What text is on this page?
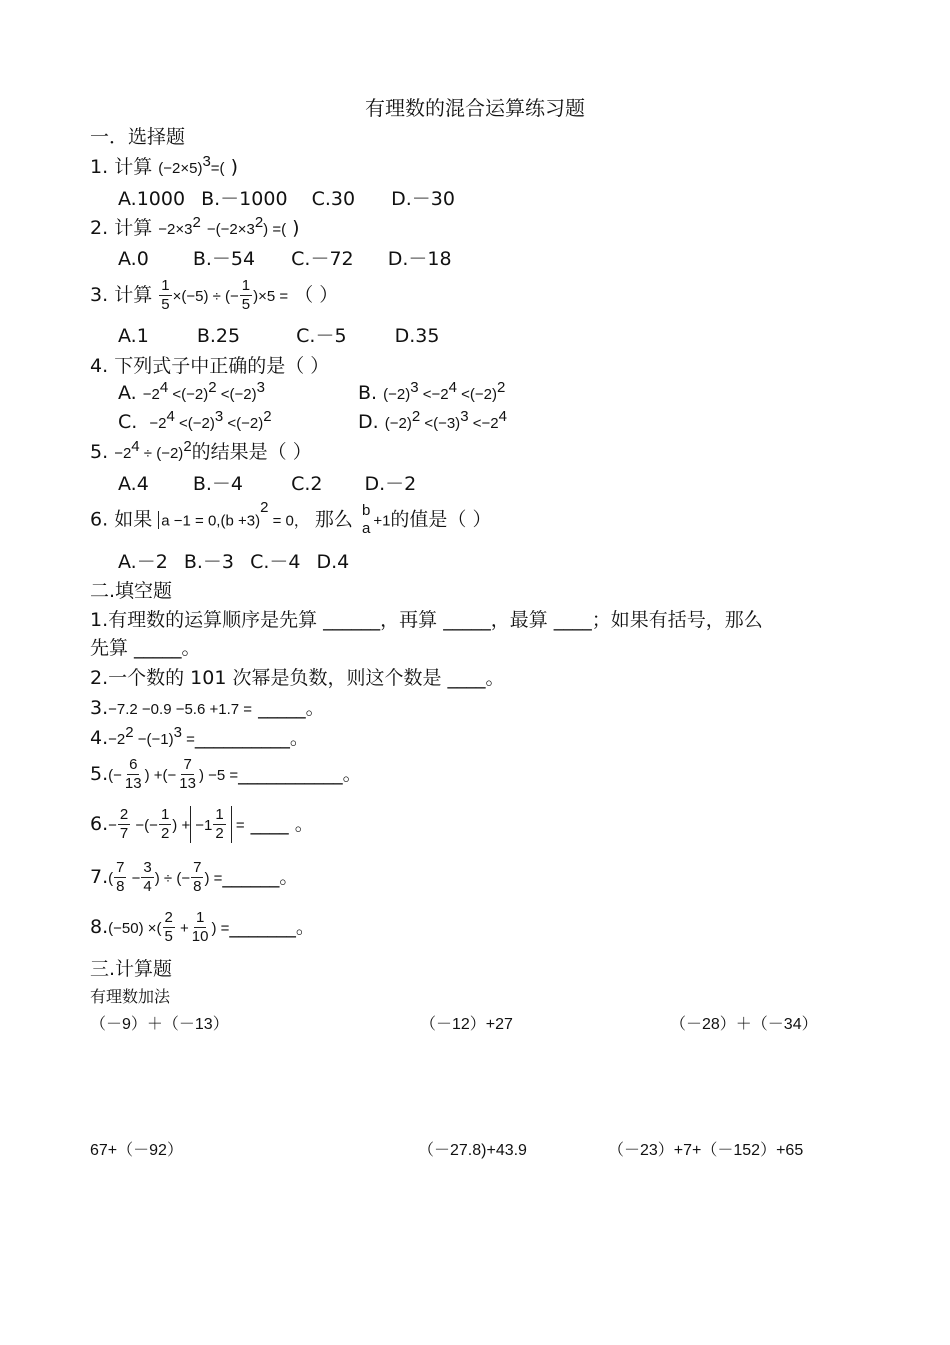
有理数的混合运算练习题
一．选择题
1. 计算 $(-2\times 5)^3=$( )
A.1000 B.－1000 C.30 D.－30
2. 计算 $-2\times 3^2 -(-2\times 3^2)$ =( )
A.0 B.－54 C.－72 D.－18
3. 计算 $\frac{1}{5} \times(-5)$ ÷ (− $\frac{1}{5} )\times 5$ = （ ）
A.1	B.25	C.－5	D.35
4. 下列式子中正确的是（ ）
A. $-2^4 <(-2)^2 <(-2)^3$	B. $(-2)^3 <-2^4 <(-2)^2$
C. $-2^4 <(-2)^3 <(-2)^2$	D. $(-2)^2 <(-3)^3 <-2^4$
5. $-2^4 \div (-2)^2$的结果是（ ）
A.4 B.－4	C.2 D.－2
6. 如果 $a -1 = 0,(b +3)^2 = 0$， 那么 b
a +1的值是（ ）
A.－2 B.－3 C.－4 D.4
二.填空题
1.有理数的运算顺序是先算 ______，再算 _____，最算 ____；如果有括号，那么
先算 _____。
2.一个数的 101 次幂是负数，则这个数是 ____。
3.−7.2 −0.9 −5.6 +1.7 = _____。
$4.-2^2 -(-1)^3$ =__________。
$5.(- \frac{6}{13}$ ) +(− $\frac{7}{13}$ ) −5 =___________。
$6.- \frac{2}{7}$ −(− $\frac{1}{2}$ ) + $-1 \frac{1}{2}$ = ____ 。
$7.( \frac{7}{8} - \frac{3}{4}$ ) ÷ (− $\frac{7}{8}$ ) =______。
8.(−50) ×( $\frac{2}{5} + \frac{1}{10}$ ) =_______。
三.计算题
有理数加法
（－9）＋（－13）	（－12）+27	（－28）＋（－34）
67+（－92）	（－27.8)+43.9	（－23）+7+（－152）+65
